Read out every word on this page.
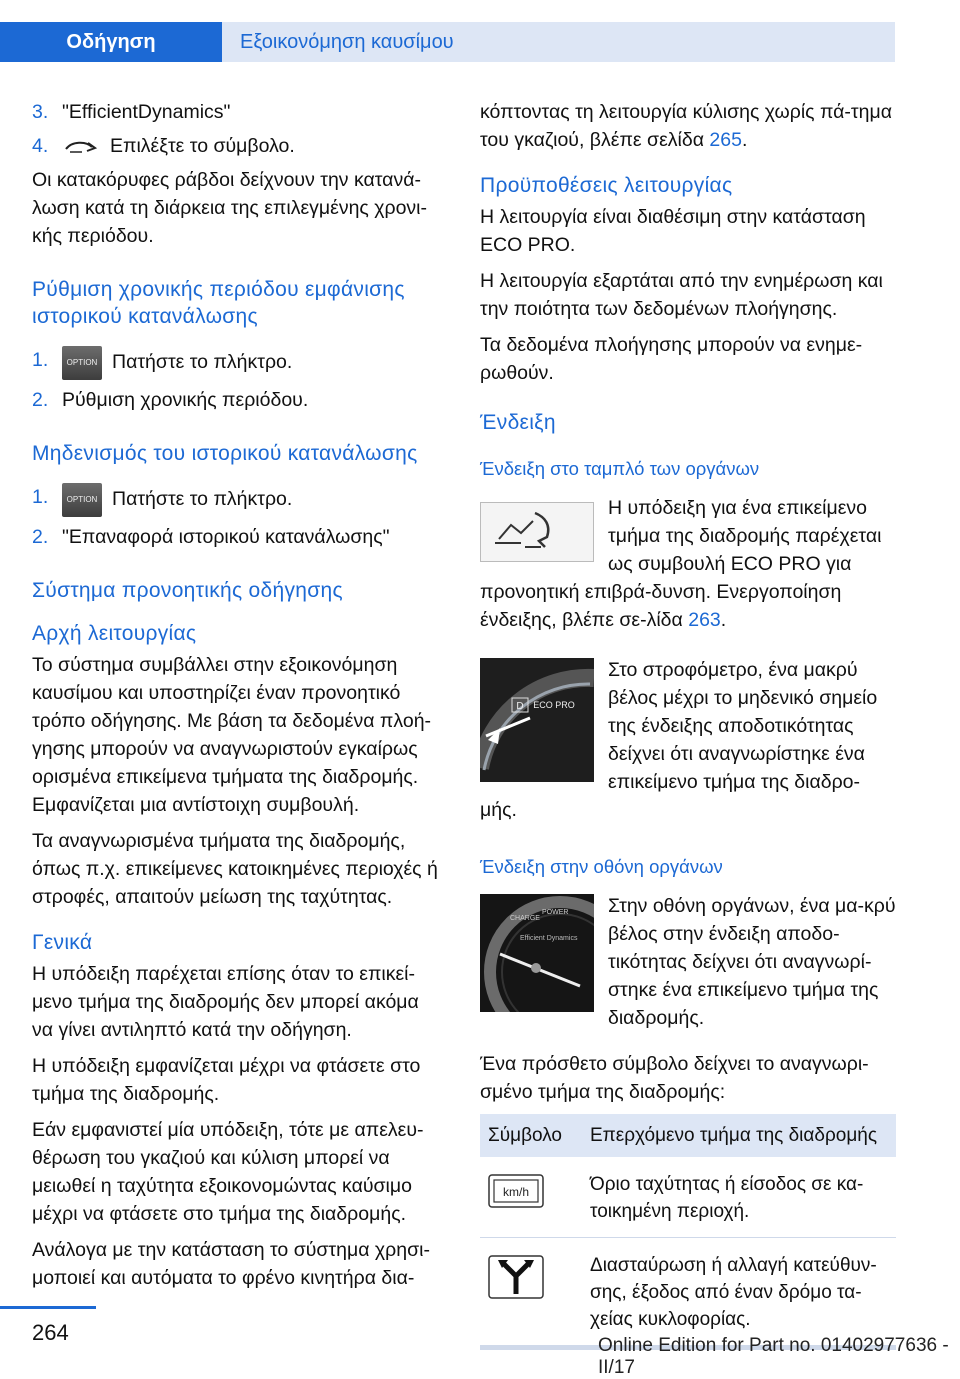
Οδήγηση	Εξοικονόμηση καυσίμου
3. "EfficientDynamics"
4.	Επιλέξτε το σύμβολο.

Οι κατακόρυφες ράβδοι δείχνουν την κατανά-λωση κατά τη διάρκεια της επιλεγμένης χρονι-κής περιόδου.

Ρύθμιση χρονικής περιόδου εμφάνισης ιστορικού κατανάλωσης
1.	OPTION Πατήστε το πλήκτρο.
2. Ρύθμιση χρονικής περιόδου.
Μηδενισμός του ιστορικού κατανάλωσης
1.	OPTION Πατήστε το πλήκτρο.
2. "Επαναφορά ιστορικού κατανάλωσης"
Σύστημα προνοητικής οδήγησης
Αρχή λειτουργίας

Το σύστημα συμβάλλει στην εξοικονόμηση καυσίμου και υποστηρίζει έναν προνοητικό τρόπο οδήγησης. Με βάση τα δεδομένα πλοή-γησης μπορούν να αναγνωριστούν εγκαίρως ορισμένα επικείμενα τμήματα της διαδρομής. Εμφανίζεται μια αντίστοιχη συμβουλή.

Τα αναγνωρισμένα τμήματα της διαδρομής, όπως π.χ. επικείμενες κατοικημένες περιοχές ή στροφές, απαιτούν μείωση της ταχύτητας.

Γενικά

Η υπόδειξη παρέχεται επίσης όταν το επικεί-μενο τμήμα της διαδρομής δεν μπορεί ακόμα να γίνει αντιληπτό κατά την οδήγηση.

Η υπόδειξη εμφανίζεται μέχρι να φτάσετε στο τμήμα της διαδρομής.

Εάν εμφανιστεί μία υπόδειξη, τότε με απελευ-θέρωση του γκαζιού και κύλιση μπορεί να μειωθεί η ταχύτητα εξοικονομώντας καύσιμο μέχρι να φτάσετε στο τμήμα της διαδρομής.

Ανάλογα με την κατάσταση το σύστημα χρησι-μοποιεί και αυτόματα το φρένο κινητήρα δια-

κόπτοντας τη λειτουργία κύλισης χωρίς πά-τημα του γκαζιού, βλέπε σελίδα 265.

Προϋποθέσεις λειτουργίας

Η λειτουργία είναι διαθέσιμη στην κατάσταση ECO PRO.

Η λειτουργία εξαρτάται από την ενημέρωση και την ποιότητα των δεδομένων πλοήγησης.

Τα δεδομένα πλοήγησης μπορούν να ενημε-ρωθούν.

Ένδειξη
Ένδειξη στο ταμπλό των οργάνων

Η υπόδειξη για ένα επικείμενο τμήμα της διαδρομής παρέχεται ως συμβουλή ECO PRO για προνοητική επιβρά-δυνση. Ενεργοποίηση ένδειξης, βλέπε σε-λίδα 263.

D ECO PRO

Στο στροφόμετρο, ένα μακρύ βέλος μέχρι το μηδενικό σημείο της ένδειξης αποδοτικότητας δείχνει ότι αναγνωρίστηκε ένα επικείμενο τμήμα της διαδρο-μής.

Ένδειξη στην οθόνη οργάνων
CHARGE
POWER
Efficient Dynamics

Στην οθόνη οργάνων, ένα μα-κρύ βέλος στην ένδειξη αποδο-τικότητας δείχνει ότι αναγνωρί-στηκε ένα επικείμενο τμήμα της διαδρομής.

Ένα πρόσθετο σύμβολο δείχνει το αναγνωρι-σμένο τμήμα της διαδρομής:

Σύμβολο	Επερχόμενο τμήμα της διαδρομής

km/h	Όριο ταχύτητας ή είσοδος σε κα-τοικημένη περιοχή.
	Διασταύρωση ή αλλαγή κατεύθυν-σης, έξοδος από έναν δρόμο τα-χείας κυκλοφορίας.
264
Online Edition for Part no. 01402977636 - II/17
